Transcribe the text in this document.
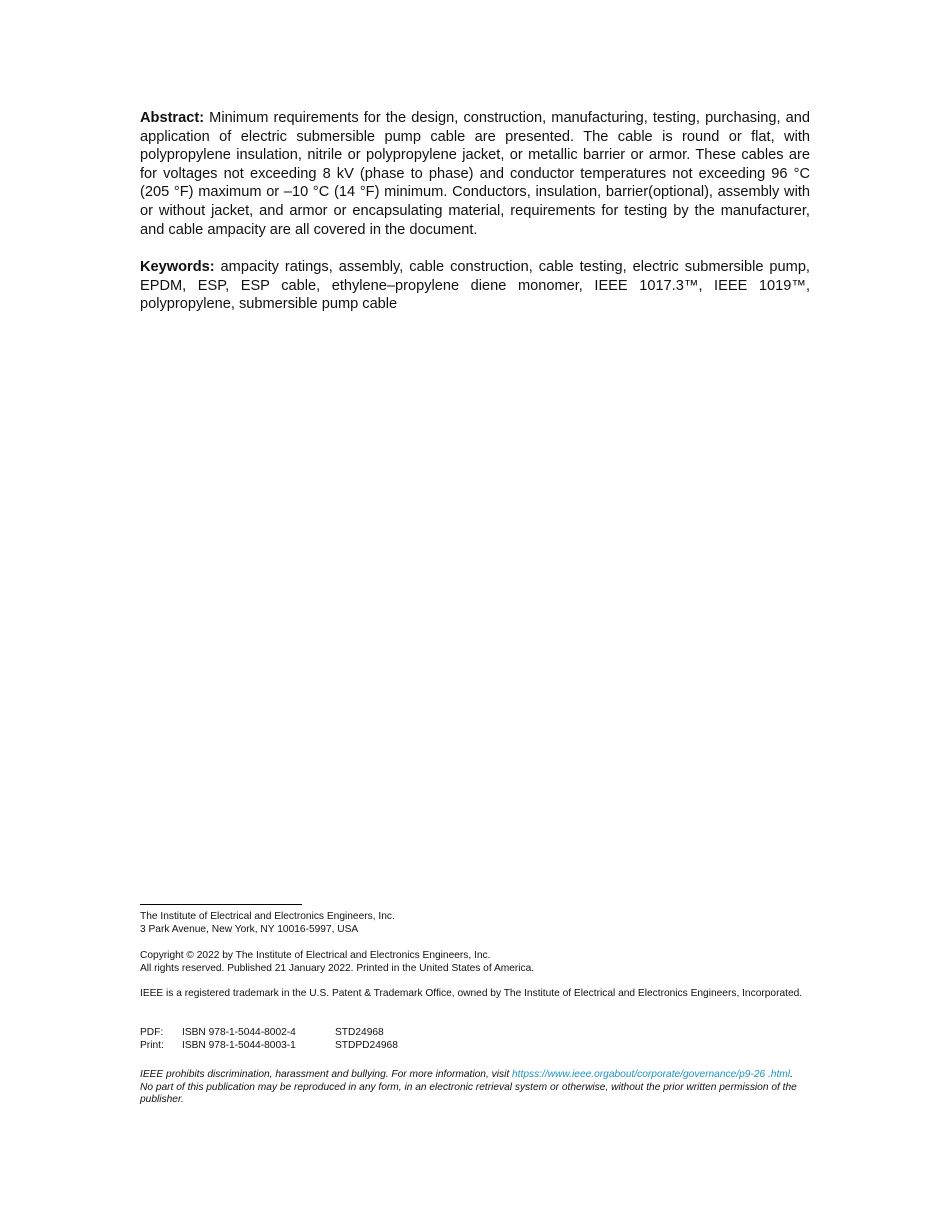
Abstract: Minimum requirements for the design, construction, manufacturing, testing, purchasing, and application of electric submersible pump cable are presented. The cable is round or flat, with polypropylene insulation, nitrile or polypropylene jacket, or metallic barrier or armor. These cables are for voltages not exceeding 8 kV (phase to phase) and conductor temperatures not exceeding 96 °C (205 °F) maximum or –10 °C (14 °F) minimum. Conductors, insulation, barrier(optional), assembly with or without jacket, and armor or encapsulating material, requirements for testing by the manufacturer, and cable ampacity are all covered in the document.

Keywords: ampacity ratings, assembly, cable construction, cable testing, electric submersible pump, EPDM, ESP, ESP cable, ethylene–propylene diene monomer, IEEE 1017.3™, IEEE 1019™, polypropylene, submersible pump cable

The Institute of Electrical and Electronics Engineers, Inc.
3 Park Avenue, New York, NY 10016-5997, USA

Copyright © 2022 by The Institute of Electrical and Electronics Engineers, Inc.
All rights reserved. Published 21 January 2022. Printed in the United States of America.

IEEE is a registered trademark in the U.S. Patent & Trademark Office, owned by The Institute of Electrical and Electronics Engineers, Incorporated.

PDF:	ISBN 978-1-5044-8002-4	STD24968
Print:	ISBN 978-1-5044-8003-1	STDPD24968

IEEE prohibits discrimination, harassment and bullying. For more information, visit httpss://www.ieee.orgabout/corporate/governance/p9-26 .html.
No part of this publication may be reproduced in any form, in an electronic retrieval system or otherwise, without the prior written permission of the publisher.
